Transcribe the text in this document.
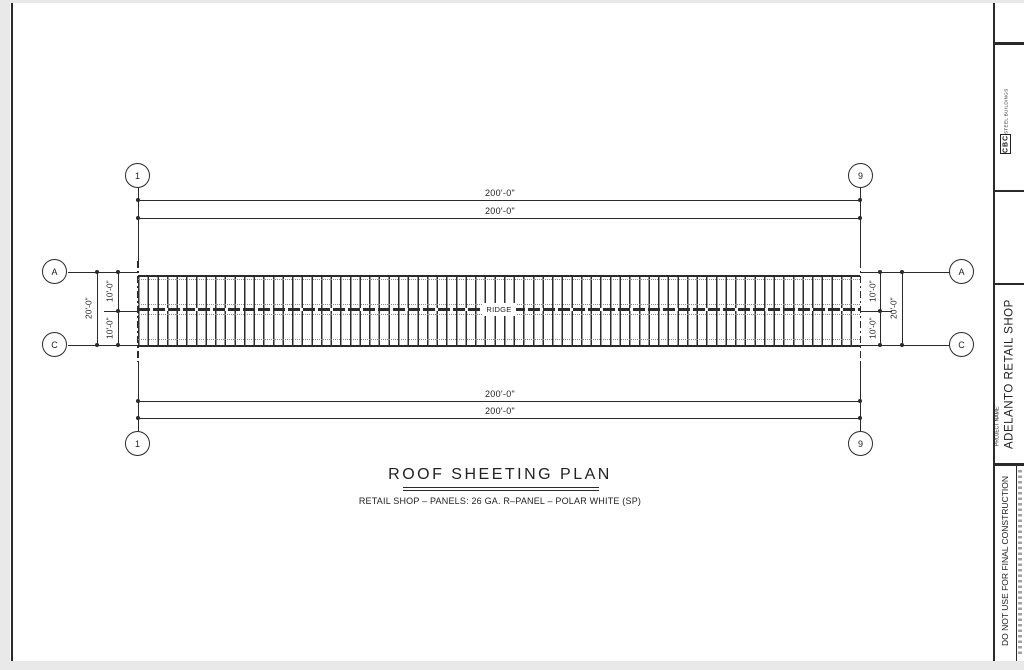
CBC
STEEL BUILDINGS
PROJECT NAME: ADELANTO RETAIL SHOP
DO NOT USE FOR FINAL CONSTRUCTION
1	9
1	9
A
C
A
C
200'-0"
200'-0"
200'-0"
200'-0"
20'-0"
10'-0"
10'-0"
10'-0"
10'-0"
20'-0"
RIDGE
ROOF SHEETING PLAN
RETAIL SHOP – PANELS: 26 GA. R–PANEL – POLAR WHITE (SP)
